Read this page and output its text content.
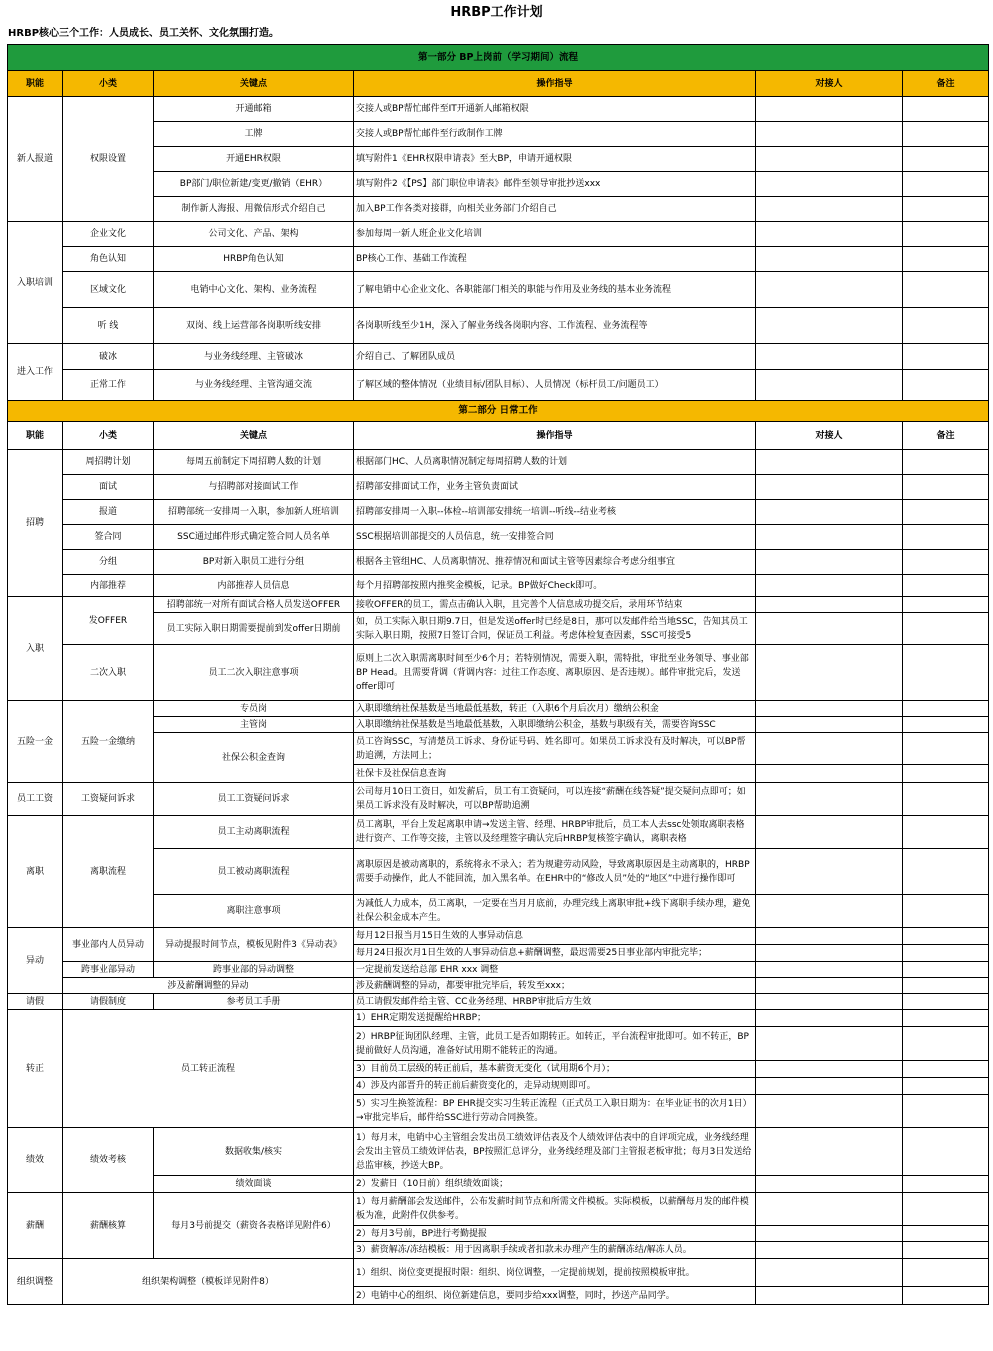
HRBP工作计划
HRBP核心三个工作：人员成长、员工关怀、文化氛围打造。
第一部分 BP上岗前（学习期间）流程					
职能	小类	关键点	操作指导	对接人	备注
新人报道	权限设置	开通邮箱	交接人或BP帮忙邮件至IT开通新人邮箱权限		
		工牌	交接人或BP帮忙邮件至行政制作工牌		
		开通EHR权限	填写附件1《EHR权限申请表》至大BP，申请开通权限		
		BP部门/职位新建/变更/撤销（EHR）	填写附件2《【PS】部门职位申请表》邮件至领导审批抄送xxx		
		制作新人海报、用微信形式介绍自己	加入BP工作各类对接群，向相关业务部门介绍自己		
入职培训	企业文化	公司文化、产品、架构	参加每周一新人班企业文化培训		
	角色认知	HRBP角色认知	BP核心工作、基础工作流程		
	区域文化	电销中心文化、架构、业务流程	了解电销中心企业文化、各职能部门相关的职能与作用及业务线的基本业务流程		
	听 线	双岗、线上运营部各岗职听线安排	各岗职听线至少1H，深入了解业务线各岗职内容、工作流程、业务流程等		
进入工作	破冰	与业务线经理、主管破冰	介绍自己、了解团队成员		
	正常工作	与业务线经理、主管沟通交流	了解区域的整体情况（业绩目标/团队目标）、人员情况（标杆员工/问题员工）		
第二部分 日常工作					
职能	小类	关键点	操作指导	对接人	备注
招聘	周招聘计划	每周五前制定下周招聘人数的计划	根据部门HC、人员离职情况制定每周招聘人数的计划		
	面试	与招聘部对接面试工作	招聘部安排面试工作，业务主管负责面试		
	报道	招聘部统一安排周一入职，参加新人班培训	招聘部安排周一入职--体检--培训部安排统一培训--听线--结业考核		
	签合同	SSC通过邮件形式确定签合同人员名单	SSC根据培训部提交的人员信息，统一安排签合同		
	分组	BP对新入职员工进行分组	根据各主管组HC、人员离职情况、推荐情况和面试主管等因素综合考虑分组事宜		
	内部推荐	内部推荐人员信息	每个月招聘部按照内推奖金模板，记录。BP做好Check即可。		
入职	发OFFER	招聘部统一对所有面试合格人员发送OFFER	接收OFFER的员工，需点击确认入职，且完善个人信息成功提交后，录用环节结束		
		员工实际入职日期需要提前到发offer日期前	如，员工实际入职日期9.7日，但是发送offer时已经是8日，那可以发邮件给当地SSC，告知其员工实际入职日期，按照7日签订合同，保证员工利益。考虑体检复查因素，SSC可接受5		
	二次入职	员工二次入职注意事项	原则上二次入职需离职时间至少6个月；若特别情况，需要入职，需特批，审批至业务领导、事业部BP Head。且需要背调（背调内容：过往工作态度、离职原因、是否违规）。邮件审批完后，发送offer即可		
五险一金	五险一金缴纳	专员岗	入职即缴纳社保基数是当地最低基数，转正（入职6个月后次月）缴纳公积金		
		主管岗	入职即缴纳社保基数是当地最低基数，入职即缴纳公积金，基数与职级有关，需要咨询SSC		
		社保公积金查询	员工咨询SSC，写清楚员工诉求、身份证号码、姓名即可。如果员工诉求没有及时解决，可以BP帮助追溯，方法同上；		
			社保卡及社保信息查询		
员工工资	工资疑问诉求	员工工资疑问诉求	公司每月10日工资日，如发薪后，员工有工资疑问，可以连接“薪酬在线答疑”提交疑问点即可；如果员工诉求没有及时解决，可以BP帮助追溯		
离职	离职流程	员工主动离职流程	员工离职，平台上发起离职申请→发送主管、经理、HRBP审批后，员工本人去ssc处领取离职表格进行资产、工作等交接，主管以及经理签字确认完后HRBP复核签字确认，离职表格		
		员工被动离职流程	离职原因是被动离职的，系统将永不录入；若为规避劳动风险，导致离职原因是主动离职的，HRBP需要手动操作，此人不能回流，加入黑名单。在EHR中的“修改人员”处的“地区”中进行操作即可		
		离职注意事项	为减低人力成本，员工离职，一定要在当月月底前，办理完线上离职审批+线下离职手续办理，避免社保公积金成本产生。		
异动	事业部内人员异动	异动提报时间节点，模板见附件3《异动表》	每月12日报当月15日生效的人事异动信息		
			每月24日报次月1日生效的人事异动信息+薪酬调整，最迟需要25日事业部内审批完毕；		
	跨事业部异动	跨事业部的异动调整	一定提前发送给总部 EHR xxx 调整		
	涉及薪酬调整的异动		涉及薪酬调整的异动，都要审批完毕后，转发至xxx；		
请假	请假制度	参考员工手册	员工请假发邮件给主管、CC业务经理、HRBP审批后方生效		
转正	员工转正流程		1）EHR定期发送提醒给HRBP；		
			2）HRBP征询团队经理、主管，此员工是否如期转正。如转正，平台流程审批即可。如不转正，BP提前做好人员沟通，准备好试用期不能转正的沟通。		
			3）目前员工层级的转正前后，基本薪资无变化（试用期6个月）；		
			4）涉及内部晋升的转正前后薪资变化的，走异动规则即可。		
			5）实习生换签流程：BP EHR提交实习生转正流程（正式员工入职日期为：在毕业证书的次月1日）→审批完毕后，邮件给SSC进行劳动合同换签。		
绩效	绩效考核	数据收集/核实	1）每月末，电销中心主管组会发出员工绩效评估表及个人绩效评估表中的自评项完成，业务线经理会发出主管员工绩效评估表，BP按照汇总评分，业务线经理及部门主管报老板审批；每月3日发送给总监审核，抄送大BP。		
		绩效面谈	2）发薪日（10日前）组织绩效面谈；		
薪酬	薪酬核算	每月3号前提交（薪资各表格详见附件6）	1）每月薪酬部会发送邮件，公布发薪时间节点和所需文件模板。实际模板，以薪酬每月发的邮件模板为准，此附件仅供参考。		
			2）每月3号前，BP进行考勤提报		
			3）薪资解冻/冻结模板：用于因离职手续或者扣款未办理产生的薪酬冻结/解冻人员。		
组织调整	组织架构调整（模板详见附件8）		1）组织、岗位变更提报时限：组织、岗位调整，一定提前规划，提前按照模板审批。		
			2）电销中心的组织、岗位新建信息，要同步给xxx调整，同时，抄送产品同学。		
